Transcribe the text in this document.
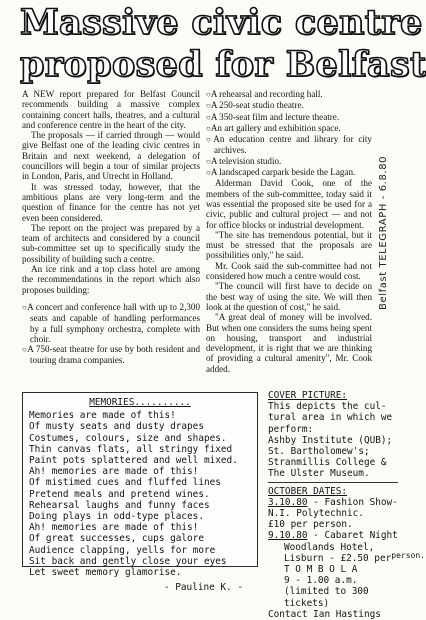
Massive civic centre
proposed for Belfast

A NEW report prepared for Belfast Council recommends building a massive complex containing concert halls, theatres, and a cultural and conference centre in the heart of the city.

The proposals — if carried through — would give Belfast one of the leading civic centres in Britain and next weekend, a delegation of councillors will begin a tour of similar projects in London, Paris, and Utrecht in Holland.

It was stressed today, however, that the ambitious plans are very long-term and the question of finance for the centre has not yet even been considered.

The report on the project was prepared by a team of architects and considered by a council sub-committee set up to specifically study the possibility of building such a centre.

An ice rink and a top class hotel are among the recommendations in the report which also proposes building:

○ A concert and conference hall with up to 2,300 seats and capable of handling performances by a full symphony orchestra, complete with choir.

○ A 750-seat theatre for use by both resident and touring drama companies.

○ A rehearsal and recording hall.

○ A 250-seat studio theatre.

○ A 350-seat film and lecture theatre.

○ An art gallery and exhibition space.

○ An education centre and library for city archives.

○ A television studio.

○ A landscaped carpark beside the Lagan.

Alderman David Cook, one of the members of the sub-committee, today said it was essential the proposed site be used for a civic, public and cultural project — and not for office blocks or industrial development.

"The site has tremendous potential, but it must be stressed that the proposals are possibilities only," he said.

Mr. Cook said the sub-committee had not considered how much a centre would cost.

"The council will first have to decide on the best way of using the site. We will then look at the question of cost," he said.

"A great deal of money will be involved. But when one considers the sums being spent on housing, transport and industrial development, it is right that we are thinking of providing a cultural amenity", Mr. Cook added.

Belfast TELEGRAPH - 6.8.80
MEMORIES..........
Memories are made of this!
Of musty seats and dusty drapes
Costumes, colours, size and shapes.
Thin canvas flats, all stringy fixed
Paint pots splattered and well mixed.
Ah! memories are made of this!
Of mistimed cues and fluffed lines
Pretend meals and pretend wines.
Rehearsal laughs and funny faces
Doing plays in odd-type places.
Ah! memories are made of this!
Of great successes, cups galore
Audience clapping, yells for more
Sit back and gently close your eyes
Let sweet memory glamorise.
- Pauline K. -
COVER PICTURE:
This depicts the cul-
tural area in which we
perform:
Ashby Institute (QUB);
St. Bartholomew's;
Stranmillis College &
The Ulster Museum.
OCTOBER DATES:
3.10.80 - Fashion Show-
N.I. Polytechnic.
£10 per person.
9.10.80 - Cabaret Night
Woodlands Hotel,
Lisburn - £2.50 perperson.
T O M B O L A
9 - 1.00 a.m.
(limited to 300
tickets)
Contact Ian Hastings
